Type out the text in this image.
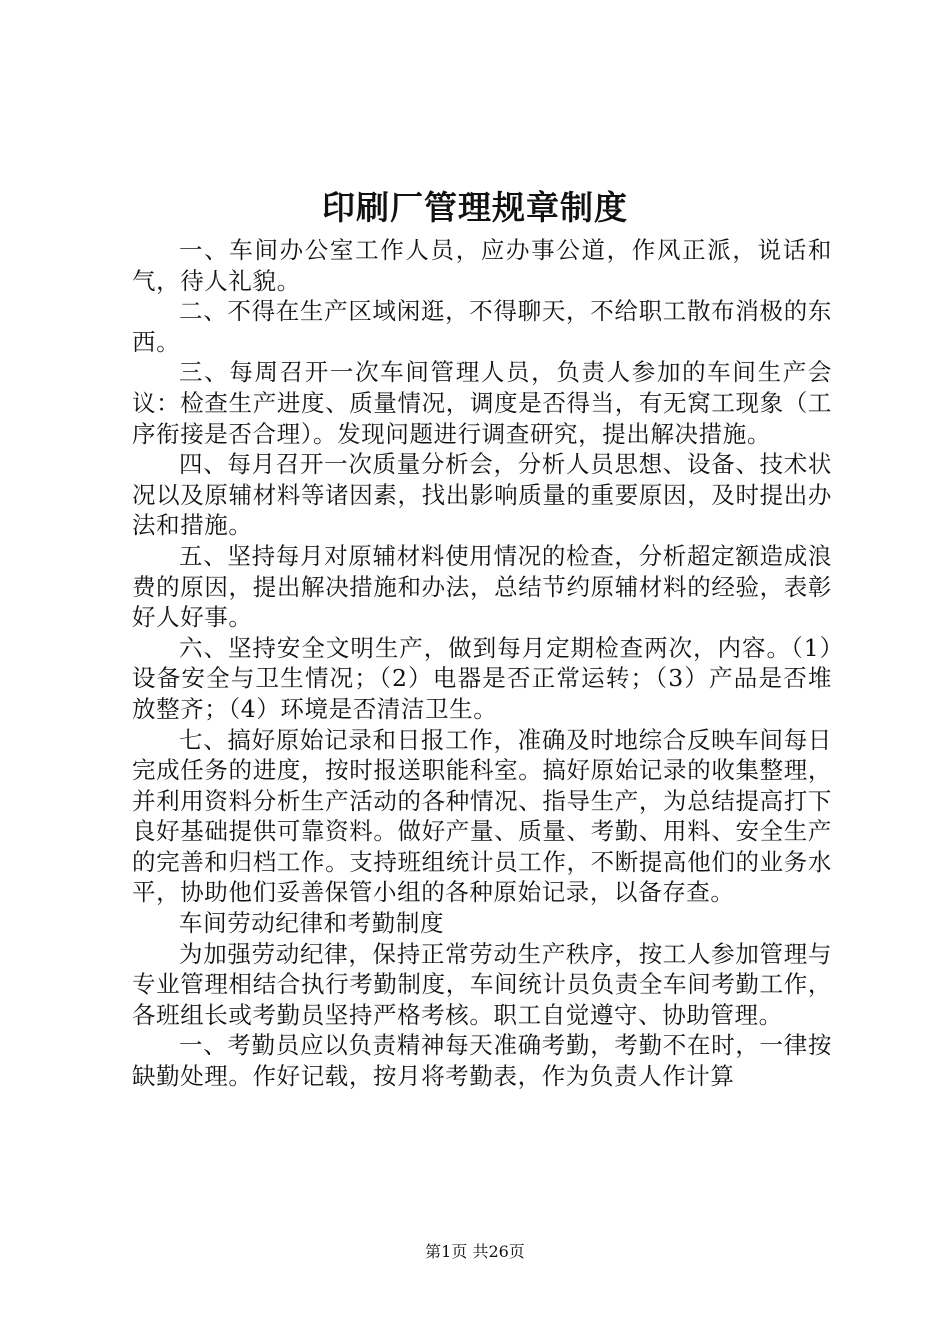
印刷厂管理规章制度

一、车间办公室工作人员，应办事公道，作风正派，说话和气，待人礼貌。

二、不得在生产区域闲逛，不得聊天，不给职工散布消极的东西。

三、每周召开一次车间管理人员，负责人参加的车间生产会议：检查生产进度、质量情况，调度是否得当，有无窝工现象（工序衔接是否合理）。发现问题进行调查研究，提出解决措施。

四、每月召开一次质量分析会，分析人员思想、设备、技术状况以及原辅材料等诸因素，找出影响质量的重要原因，及时提出办法和措施。

五、坚持每月对原辅材料使用情况的检查，分析超定额造成浪费的原因，提出解决措施和办法，总结节约原辅材料的经验，表彰好人好事。

六、坚持安全文明生产，做到每月定期检查两次，内容。（1）设备安全与卫生情况；（2）电器是否正常运转；（3）产品是否堆放整齐；（4）环境是否清洁卫生。

七、搞好原始记录和日报工作，准确及时地综合反映车间每日完成任务的进度，按时报送职能科室。搞好原始记录的收集整理，并利用资料分析生产活动的各种情况、指导生产，为总结提高打下良好基础提供可靠资料。做好产量、质量、考勤、用料、安全生产的完善和归档工作。支持班组统计员工作，不断提高他们的业务水平，协助他们妥善保管小组的各种原始记录，以备存查。

车间劳动纪律和考勤制度

为加强劳动纪律，保持正常劳动生产秩序，按工人参加管理与专业管理相结合执行考勤制度，车间统计员负责全车间考勤工作，各班组长或考勤员坚持严格考核。职工自觉遵守、协助管理。

一、考勤员应以负责精神每天准确考勤，考勤不在时，一律按缺勤处理。作好记载，按月将考勤表，作为负责人作计算

第1页 共26页
